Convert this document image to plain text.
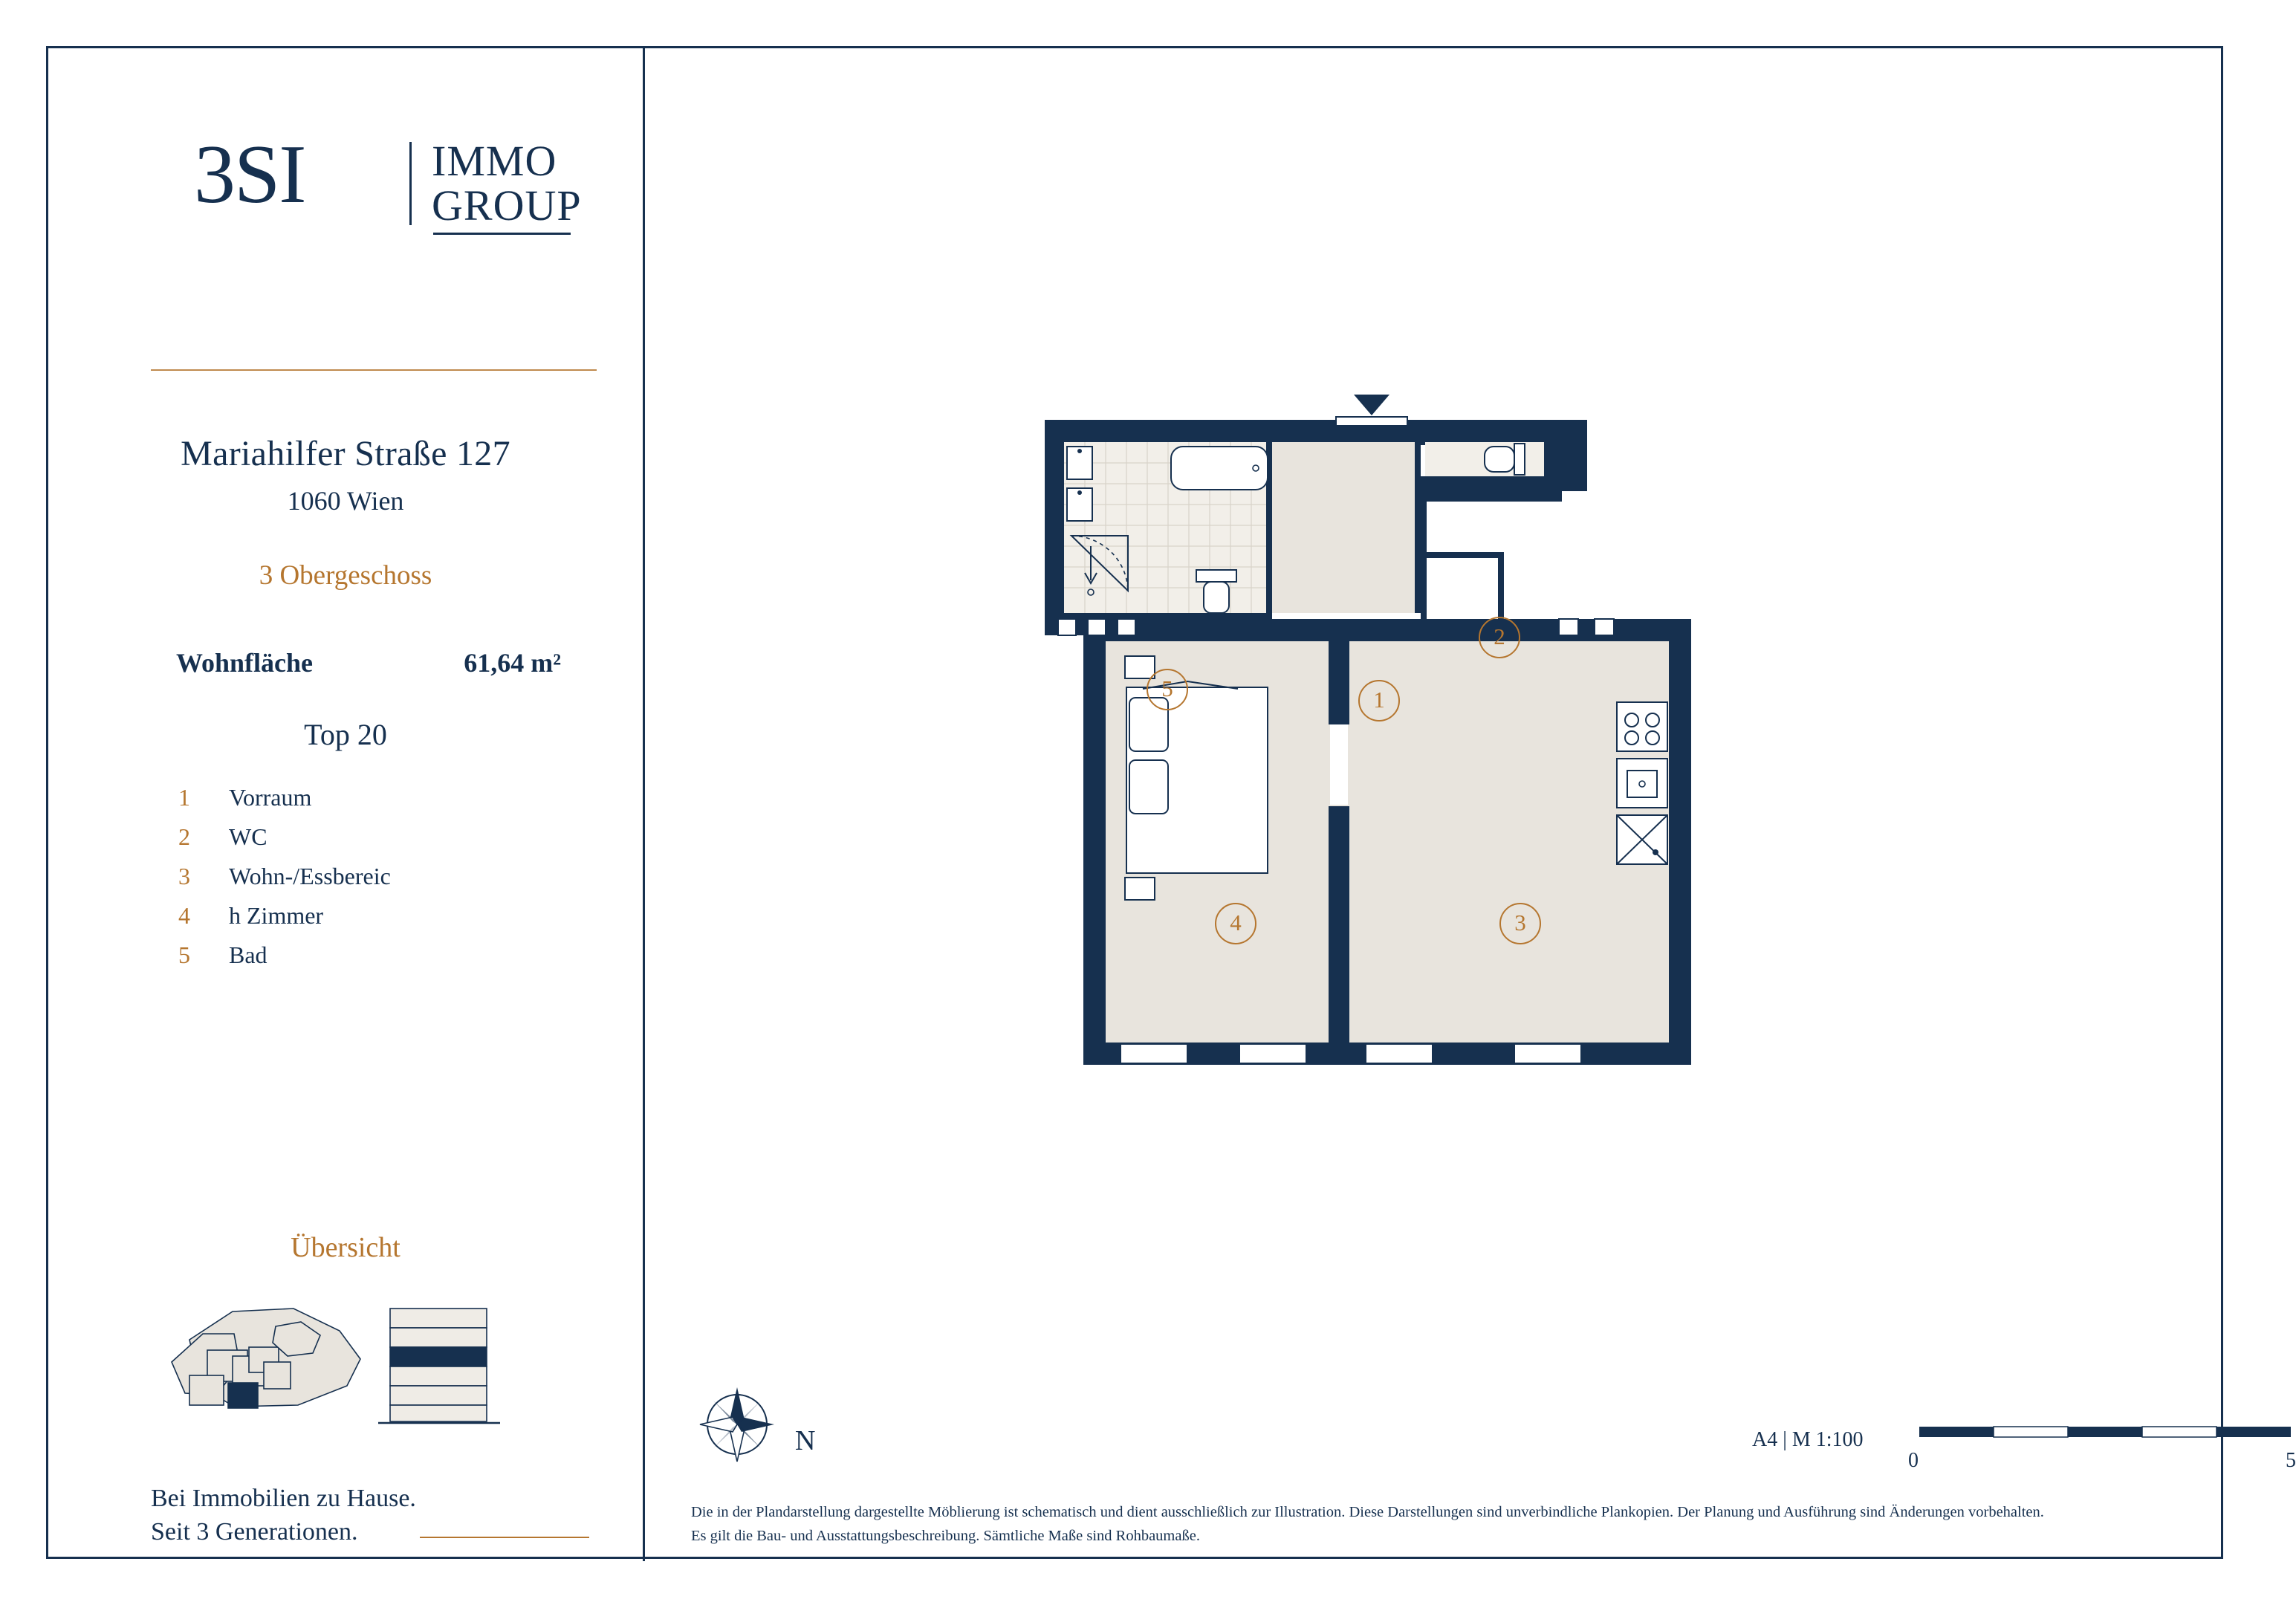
3SI	IMMO
GROUP
Mariahilfer Straße 127
1060 Wien
3 Obergeschoss
Wohnfläche	61,64 m²
Top 20
1	Vorraum
2	WC
3	Wohn-/Essbereic
4	h Zimmer
5	Bad
Übersicht
Bei Immobilien zu Hause.
Seit 3 Generationen.
1
2
3
4
5
N	A4 | M 1:100
0	5
Die in der Plandarstellung dargestellte Möblierung ist schematisch und dient ausschließlich zur Illustration. Diese Darstellungen sind unverbindliche Plankopien. Der Planung und Ausführung sind Änderungen vorbehalten.
Es gilt die Bau- und Ausstattungsbeschreibung. Sämtliche Maße sind Rohbaumaße.
